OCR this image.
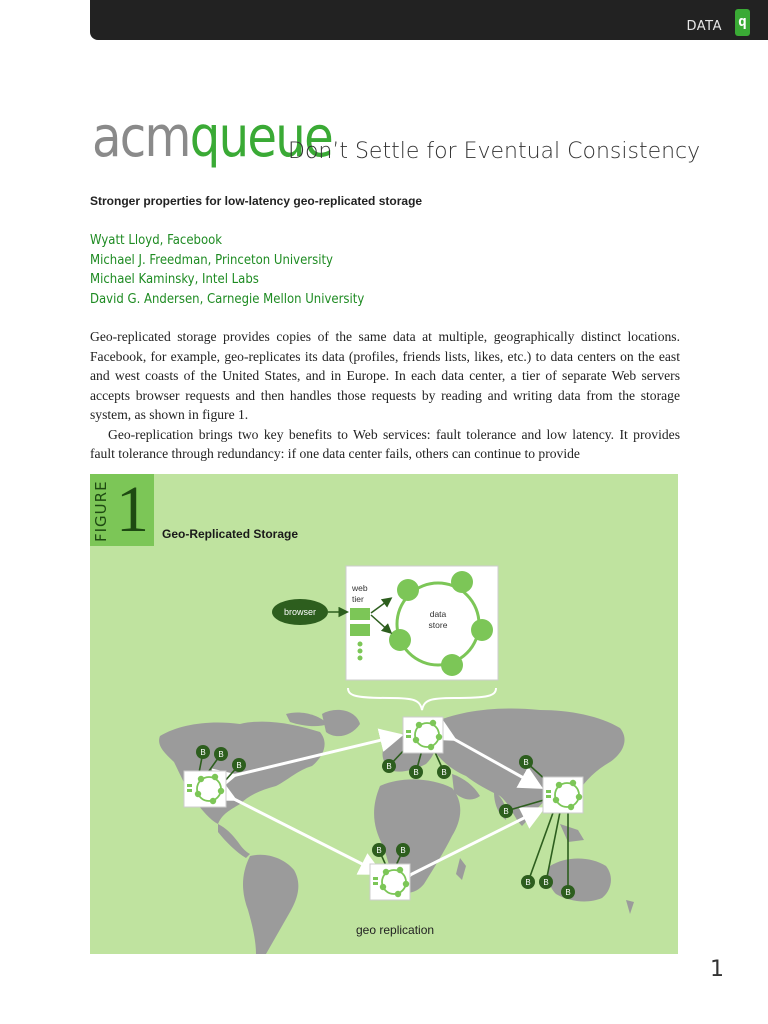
DATA q
acmqueue
Don’t Settle for Eventual Consistency
Stronger properties for low-latency geo-replicated storage
Wyatt Lloyd, Facebook
Michael J. Freedman, Princeton University
Michael Kaminsky, Intel Labs
David G. Andersen, Carnegie Mellon University

Geo-replicated storage provides copies of the same data at multiple, geographically distinct locations. Facebook, for example, geo-replicates its data (profiles, friends lists, likes, etc.) to data centers on the east and west coasts of the United States, and in Europe. In each data center, a tier of separate Web servers accepts browser requests and then handles those requests by reading and writing data from the storage system, as shown in figure 1.

Geo-replication brings two key benefits to Web services: fault tolerance and low latency. It provides fault tolerance through redundancy: if one data center fails, others can continue to provide

B B
B	B
B	B
B
B
B B
B
B B
browser
web
tier
data
store
FIGURE 1 Geo-Replicated Storage
geo replication
1
